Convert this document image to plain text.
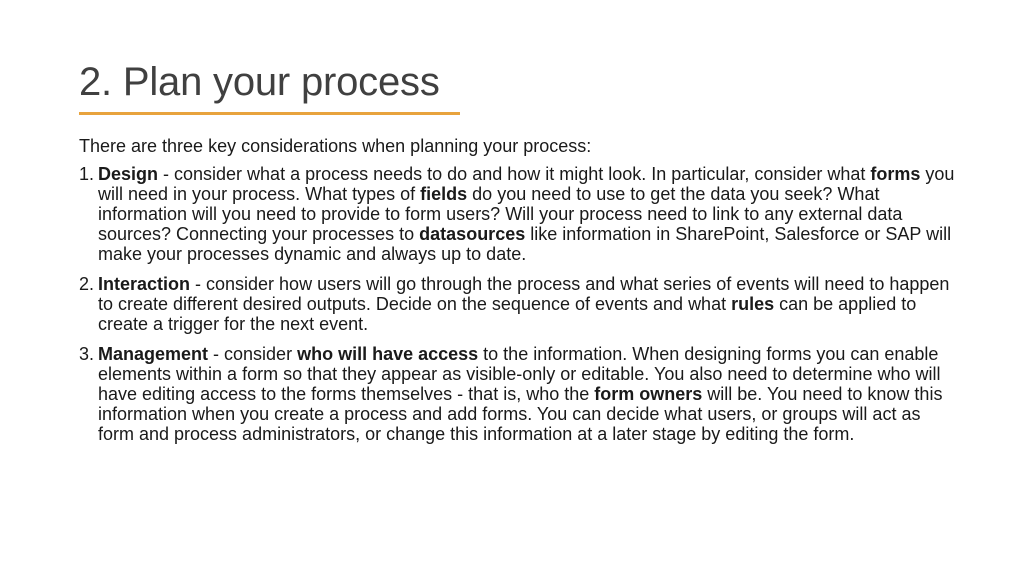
2. Plan your process

There are three key considerations when planning your process:

1. Design - consider what a process needs to do and how it might look. In particular, consider what forms you will need in your process. What types of fields do you need to use to get the data you seek? What information will you need to provide to form users? Will your process need to link to any external data sources? Connecting your processes to datasources like information in SharePoint, Salesforce or SAP will make your processes dynamic and always up to date.
2. Interaction - consider how users will go through the process and what series of events will need to happen to create different desired outputs. Decide on the sequence of events and what rules can be applied to create a trigger for the next event.
3. Management - consider who will have access to the information. When designing forms you can enable elements within a form so that they appear as visible-only or editable. You also need to determine who will have editing access to the forms themselves - that is, who the form owners will be. You need to know this information when you create a process and add forms. You can decide what users, or groups will act as form and process administrators, or change this information at a later stage by editing the form.
